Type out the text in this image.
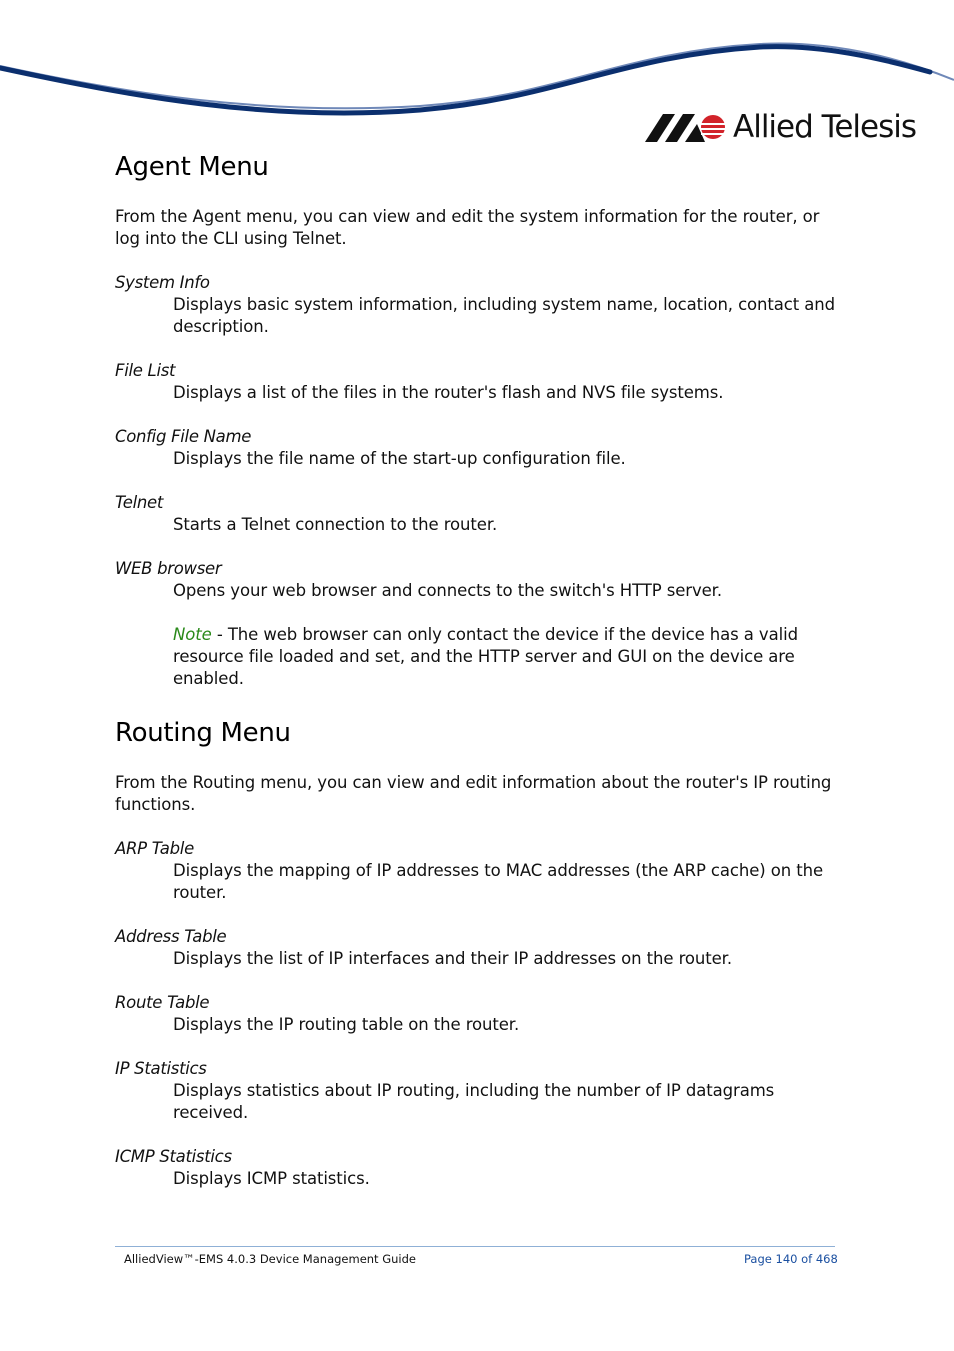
Allied Telesis
Agent Menu

From the Agent menu, you can view and edit the system information for the router, or log into the CLI using Telnet.

System Info
Displays basic system information, including system name, location, contact and description.
File List
Displays a list of the files in the router's flash and NVS file systems.
Config File Name
Displays the file name of the start-up configuration file.
Telnet
Starts a Telnet connection to the router.
WEB browser
Opens your web browser and connects to the switch's HTTP server.
Note - The web browser can only contact the device if the device has a valid resource file loaded and set, and the HTTP server and GUI on the device are enabled.
Routing Menu

From the Routing menu, you can view and edit information about the router's IP routing functions.

ARP Table
Displays the mapping of IP addresses to MAC addresses (the ARP cache) on the router.
Address Table
Displays the list of IP interfaces and their IP addresses on the router.
Route Table
Displays the IP routing table on the router.
IP Statistics
Displays statistics about IP routing, including the number of IP datagrams received.
ICMP Statistics
Displays ICMP statistics.
AlliedView™-EMS 4.0.3 Device Management Guide	Page 140 of 468
